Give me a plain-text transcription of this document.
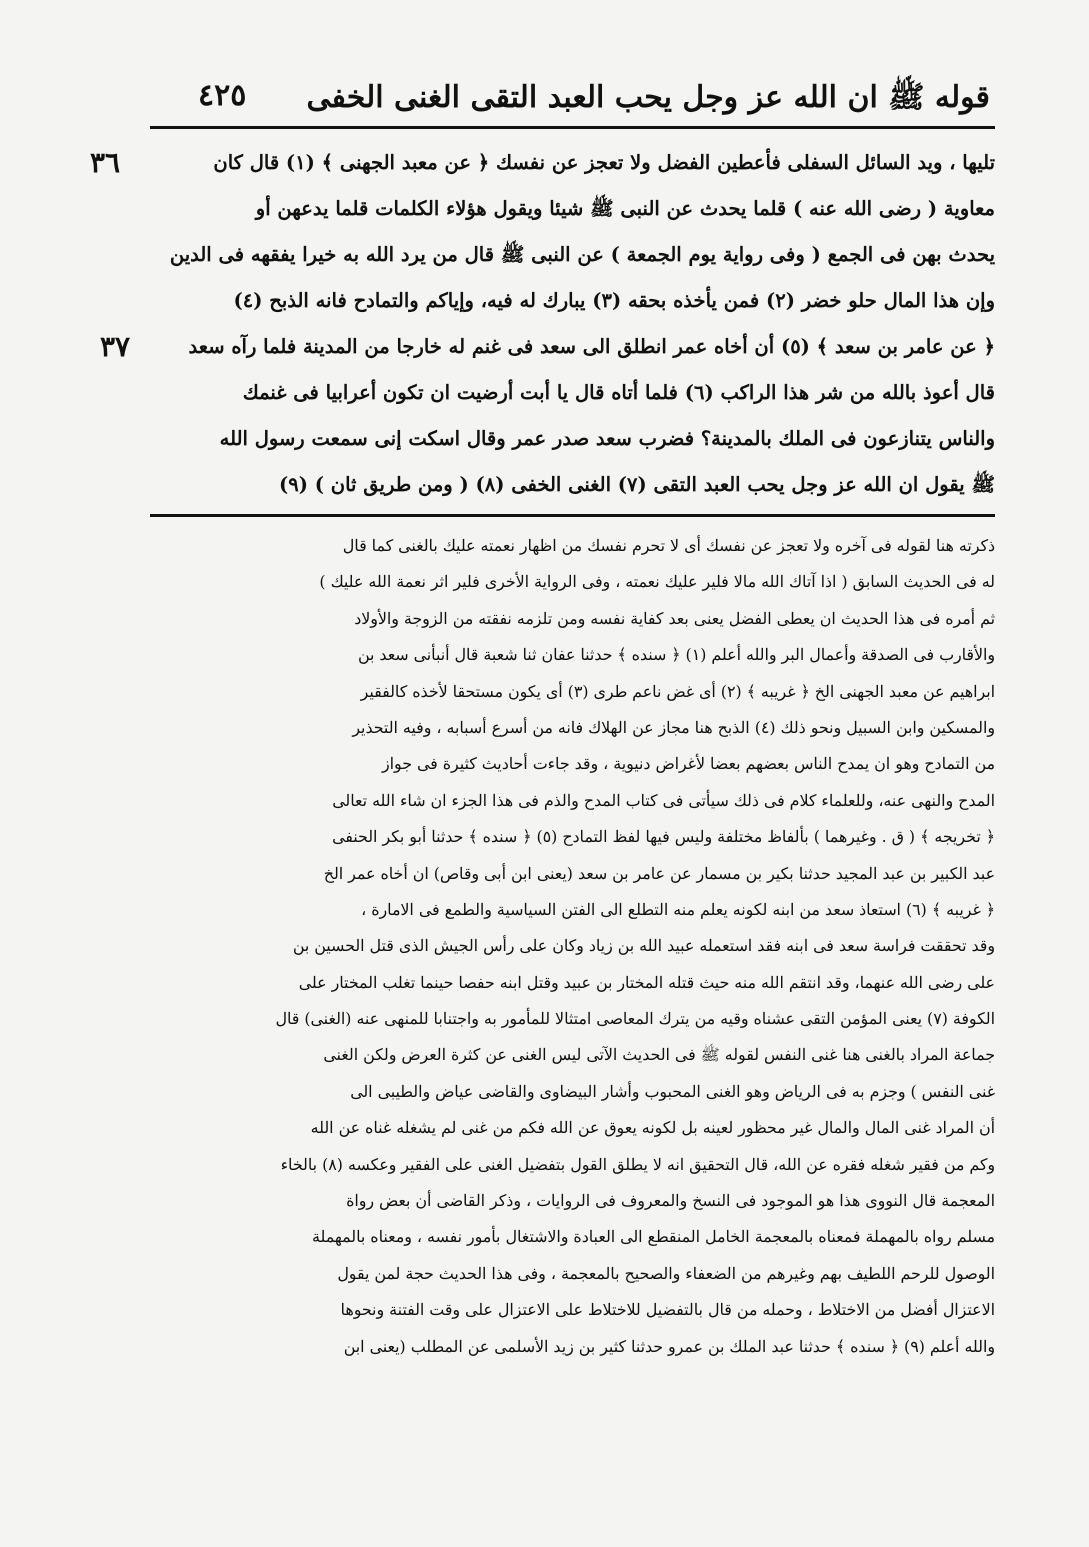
قوله ﷺ ان الله عز وجل يحب العبد التقى الغنى الخفى
٤٢٥
٣٦
٣٧
تليها ، ويد السائل السفلى فأعطين الفضل ولا تعجز عن نفسك ﴿ عن معبد الجهنى ﴾ (١) قال كان
معاوية ( رضى الله عنه ) قلما يحدث عن النبى ﷺ شيئا ويقول هؤلاء الكلمات قلما يدعهن أو
يحدث بهن فى الجمع ( وفى رواية يوم الجمعة ) عن النبى ﷺ قال من يرد الله به خيرا يفقهه فى الدين
وإن هذا المال حلو خضر (٢) فمن يأخذه بحقه (٣) يبارك له فيه، وإياكم والتمادح فانه الذبح (٤)
﴿ عن عامر بن سعد ﴾ (٥) أن أخاه عمر انطلق الى سعد فى غنم له خارجا من المدينة فلما رآه سعد
قال أعوذ بالله من شر هذا الراكب (٦) فلما أتاه قال يا أبت أرضيت ان تكون أعرابيا فى غنمك
والناس يتنازعون فى الملك بالمدينة؟ فضرب سعد صدر عمر وقال اسكت إنى سمعت رسول الله
ﷺ يقول ان الله عز وجل يحب العبد التقى (٧) الغنى الخفى (٨) ( ومن طريق ثان ) (٩)
ذكرته هنا لقوله فى آخره ولا تعجز عن نفسك أى لا تحرم نفسك من اظهار نعمته عليك بالغنى كما قال
له فى الحديث السابق ( اذا آتاك الله مالا فلير عليك نعمته ، وفى الرواية الأخرى فلير اثر نعمة الله عليك )
ثم أمره فى هذا الحديث ان يعطى الفضل يعنى بعد كفاية نفسه ومن تلزمه نفقته من الزوجة والأولاد
والأقارب فى الصدقة وأعمال البر والله أعلم (١) ﴿ سنده ﴾ حدثنا عفان ثنا شعبة قال أنبأنى سعد بن
ابراهيم عن معبد الجهنى الخ ﴿ غريبه ﴾ (٢) أى غض ناعم طرى (٣) أى يكون مستحقا لأخذه كالفقير
والمسكين وابن السبيل ونحو ذلك (٤) الذبح هنا مجاز عن الهلاك فانه من أسرع أسبابه ، وفيه التحذير
من التمادح وهو ان يمدح الناس بعضهم بعضا لأغراض دنيوية ، وقد جاءت أحاديث كثيرة فى جواز
المدح والنهى عنه، وللعلماء كلام فى ذلك سيأتى فى كتاب المدح والذم فى هذا الجزء ان شاء الله تعالى
﴿ تخريجه ﴾ ( ق . وغيرهما ) بألفاظ مختلفة وليس فيها لفظ التمادح (٥) ﴿ سنده ﴾ حدثنا أبو بكر الحنفى
عبد الكبير بن عبد المجيد حدثنا بكير بن مسمار عن عامر بن سعد (يعنى ابن أبى وقاص) ان أخاه عمر الخ
﴿ غريبه ﴾ (٦) استعاذ سعد من ابنه لكونه يعلم منه التطلع الى الفتن السياسية والطمع فى الامارة ،
وقد تحققت فراسة سعد فى ابنه فقد استعمله عبيد الله بن زياد وكان على رأس الجيش الذى قتل الحسين بن
على رضى الله عنهما، وقد انتقم الله منه حيث قتله المختار بن عبيد وقتل ابنه حفصا حينما تغلب المختار على
الكوفة (٧) يعنى المؤمن التقى عشناه وقيه من يترك المعاصى امتثالا للمأمور به واجتنابا للمنهى عنه (الغنى) قال
جماعة المراد بالغنى هنا غنى النفس لقوله ﷺ فى الحديث الآتى ليس الغنى عن كثرة العرض ولكن الغنى
غنى النفس ) وجزم به فى الرياض وهو الغنى المحبوب وأشار البيضاوى والقاضى عياض والطيبى الى
أن المراد غنى المال والمال غير محظور لعينه بل لكونه يعوق عن الله فكم من غنى لم يشغله غناه عن الله
وكم من فقير شغله فقره عن الله، قال التحقيق انه لا يطلق القول بتفضيل الغنى على الفقير وعكسه (٨) بالخاء
المعجمة قال النووى هذا هو الموجود فى النسخ والمعروف فى الروايات ، وذكر القاضى أن بعض رواة
مسلم رواه بالمهملة فمعناه بالمعجمة الخامل المنقطع الى العبادة والاشتغال بأمور نفسه ، ومعناه بالمهملة
الوصول للرحم اللطيف بهم وغيرهم من الضعفاء والصحيح بالمعجمة ، وفى هذا الحديث حجة لمن يقول
الاعتزال أفضل من الاختلاط ، وحمله من قال بالتفضيل للاختلاط على الاعتزال على وقت الفتنة ونحوها
والله أعلم (٩) ﴿ سنده ﴾ حدثنا عبد الملك بن عمرو حدثنا كثير بن زيد الأسلمى عن المطلب (يعنى ابن
